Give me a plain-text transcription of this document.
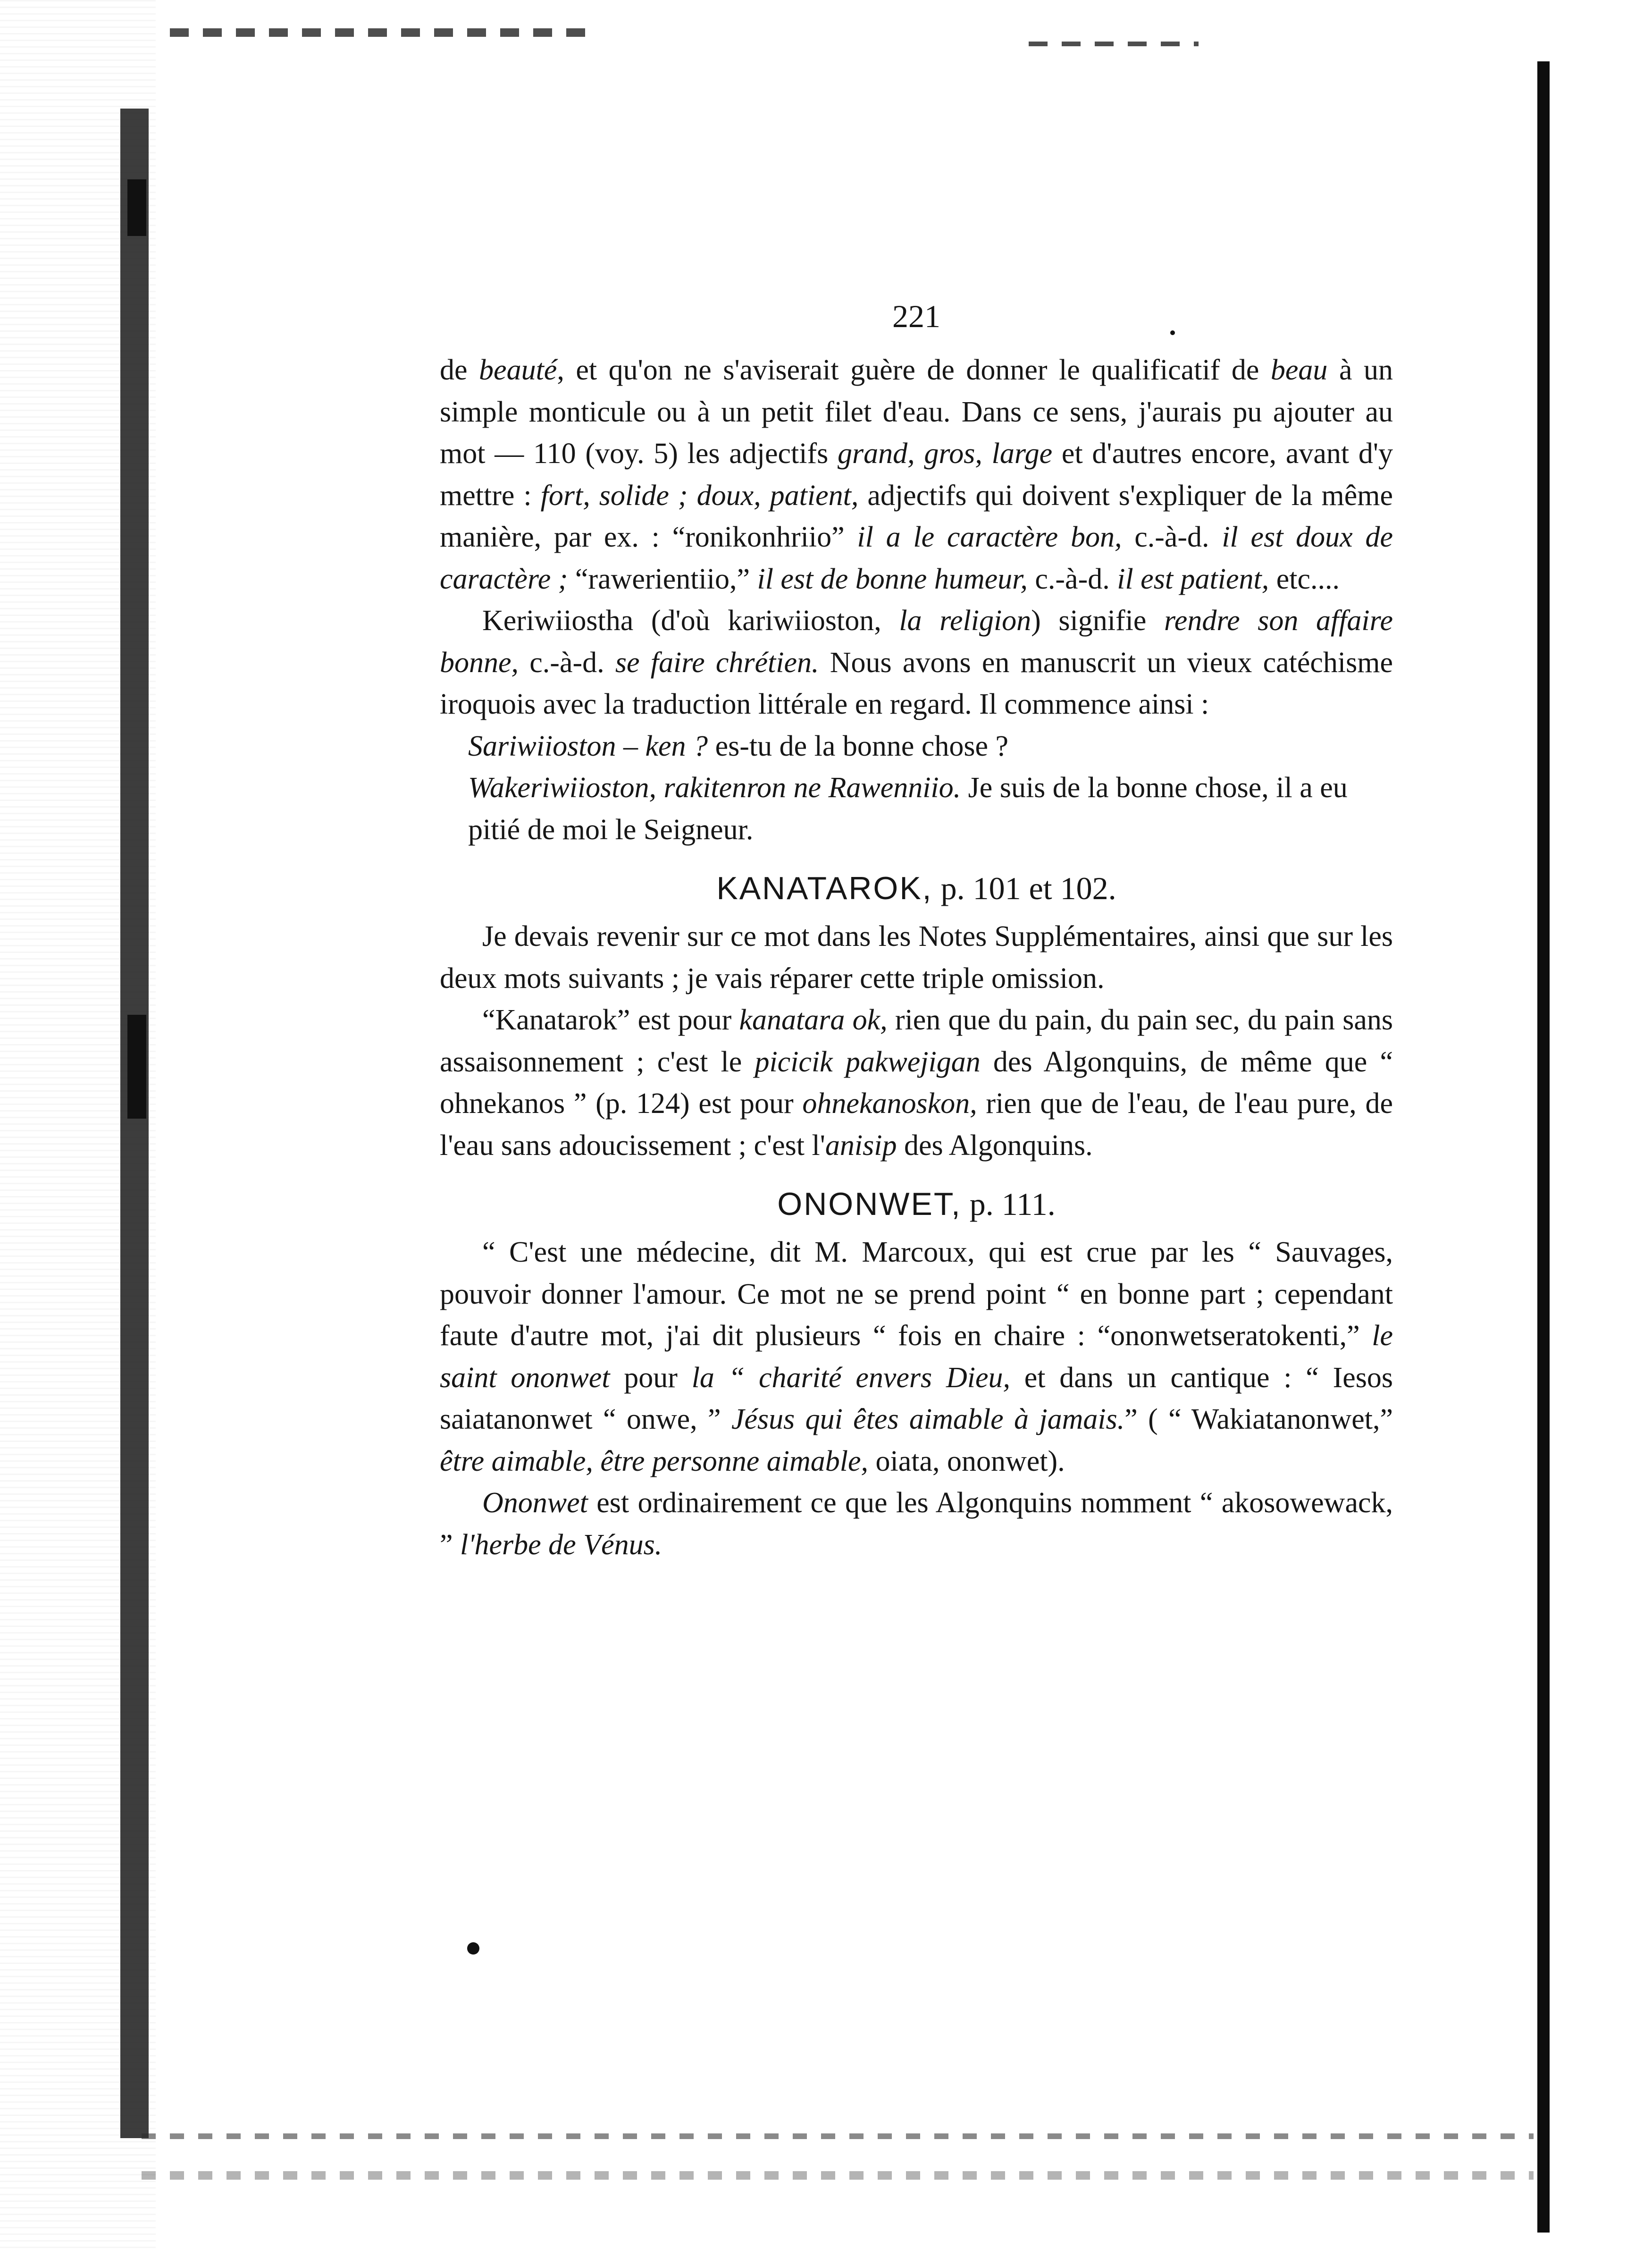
221

de beauté, et qu'on ne s'aviserait guère de donner le qualificatif de beau à un simple monticule ou à un petit filet d'eau. Dans ce sens, j'aurais pu ajouter au mot — 110 (voy. 5) les adjectifs grand, gros, large et d'autres encore, avant d'y mettre : fort, solide ; doux, patient, adjectifs qui doivent s'expliquer de la même manière, par ex. : “ronikonhriio” il a le caractère bon, c.-à-d. il est doux de caractère ; “rawerientiio,” il est de bonne humeur, c.-à-d. il est patient, etc....

Keriwiiostha (d'où kariwiioston, la religion) signifie rendre son affaire bonne, c.-à-d. se faire chrétien. Nous avons en manuscrit un vieux catéchisme iroquois avec la traduction littérale en regard. Il commence ainsi :

Sariwiioston – ken ? es-tu de la bonne chose ?

Wakeriwiioston, rakitenron ne Rawenniio. Je suis de la bonne chose, il a eu pitié de moi le Seigneur.

KANATAROK, p. 101 et 102.

Je devais revenir sur ce mot dans les Notes Supplémentaires, ainsi que sur les deux mots suivants ; je vais réparer cette triple omission.

“Kanatarok” est pour kanatara ok, rien que du pain, du pain sec, du pain sans assaisonnement ; c'est le picicik pakwejigan des Algonquins, de même que “ ohnekanos ” (p. 124) est pour ohnekanoskon, rien que de l'eau, de l'eau pure, de l'eau sans adoucissement ; c'est l'anisip des Algonquins.

ONONWET, p. 111.

“ C'est une médecine, dit M. Marcoux, qui est crue par les “ Sauvages, pouvoir donner l'amour. Ce mot ne se prend point “ en bonne part ; cependant faute d'autre mot, j'ai dit plusieurs “ fois en chaire : “ononwetseratokenti,” le saint ononwet pour la “ charité envers Dieu, et dans un cantique : “ Iesos saiatanonwet “ onwe, ” Jésus qui êtes aimable à jamais.” ( “ Wakiatanonwet,” être aimable, être personne aimable, oiata, ononwet).

Ononwet est ordinairement ce que les Algonquins nomment “ akosowewack, ” l'herbe de Vénus.
